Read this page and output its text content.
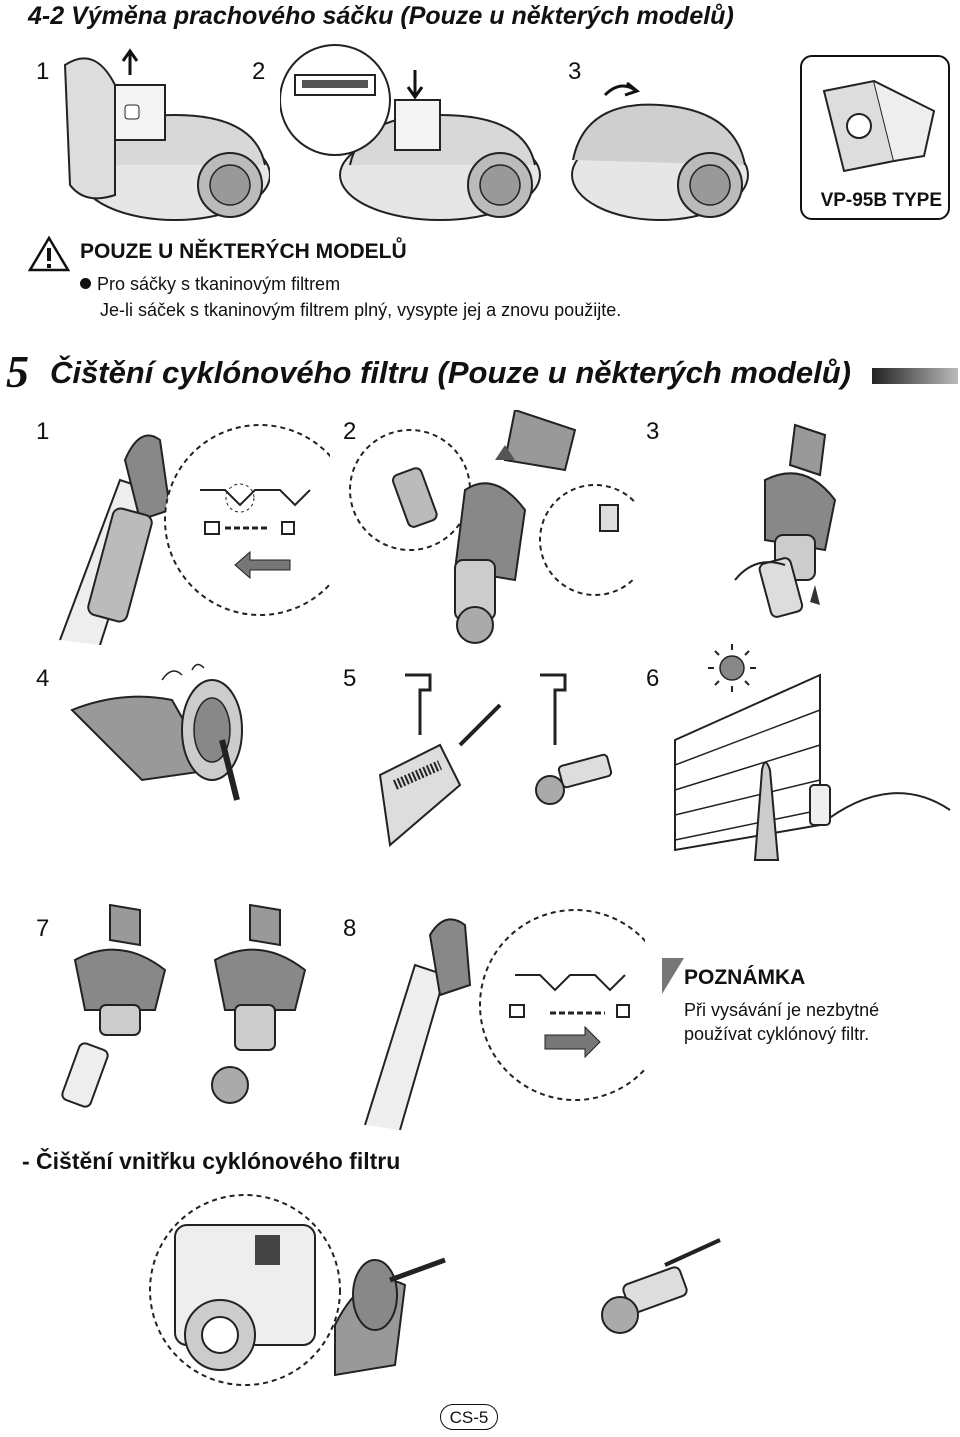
4-2 Výměna prachového sáčku (Pouze u některých modelů)
1	2	3
VP-95B TYPE
POUZE U NĚKTERÝCH MODELŮ
Pro sáčky s tkaninovým filtrem
Je-li sáček s tkaninovým filtrem plný, vysypte jej a znovu použijte.
5 Čištění cyklónového filtru (Pouze u některých modelů)
1	2	3
4	5	6
7	8
POZNÁMKA
Při vysávání je nezbytné
používat cyklónový filtr.
- Čištění vnitřku cyklónového filtru
CS-5
